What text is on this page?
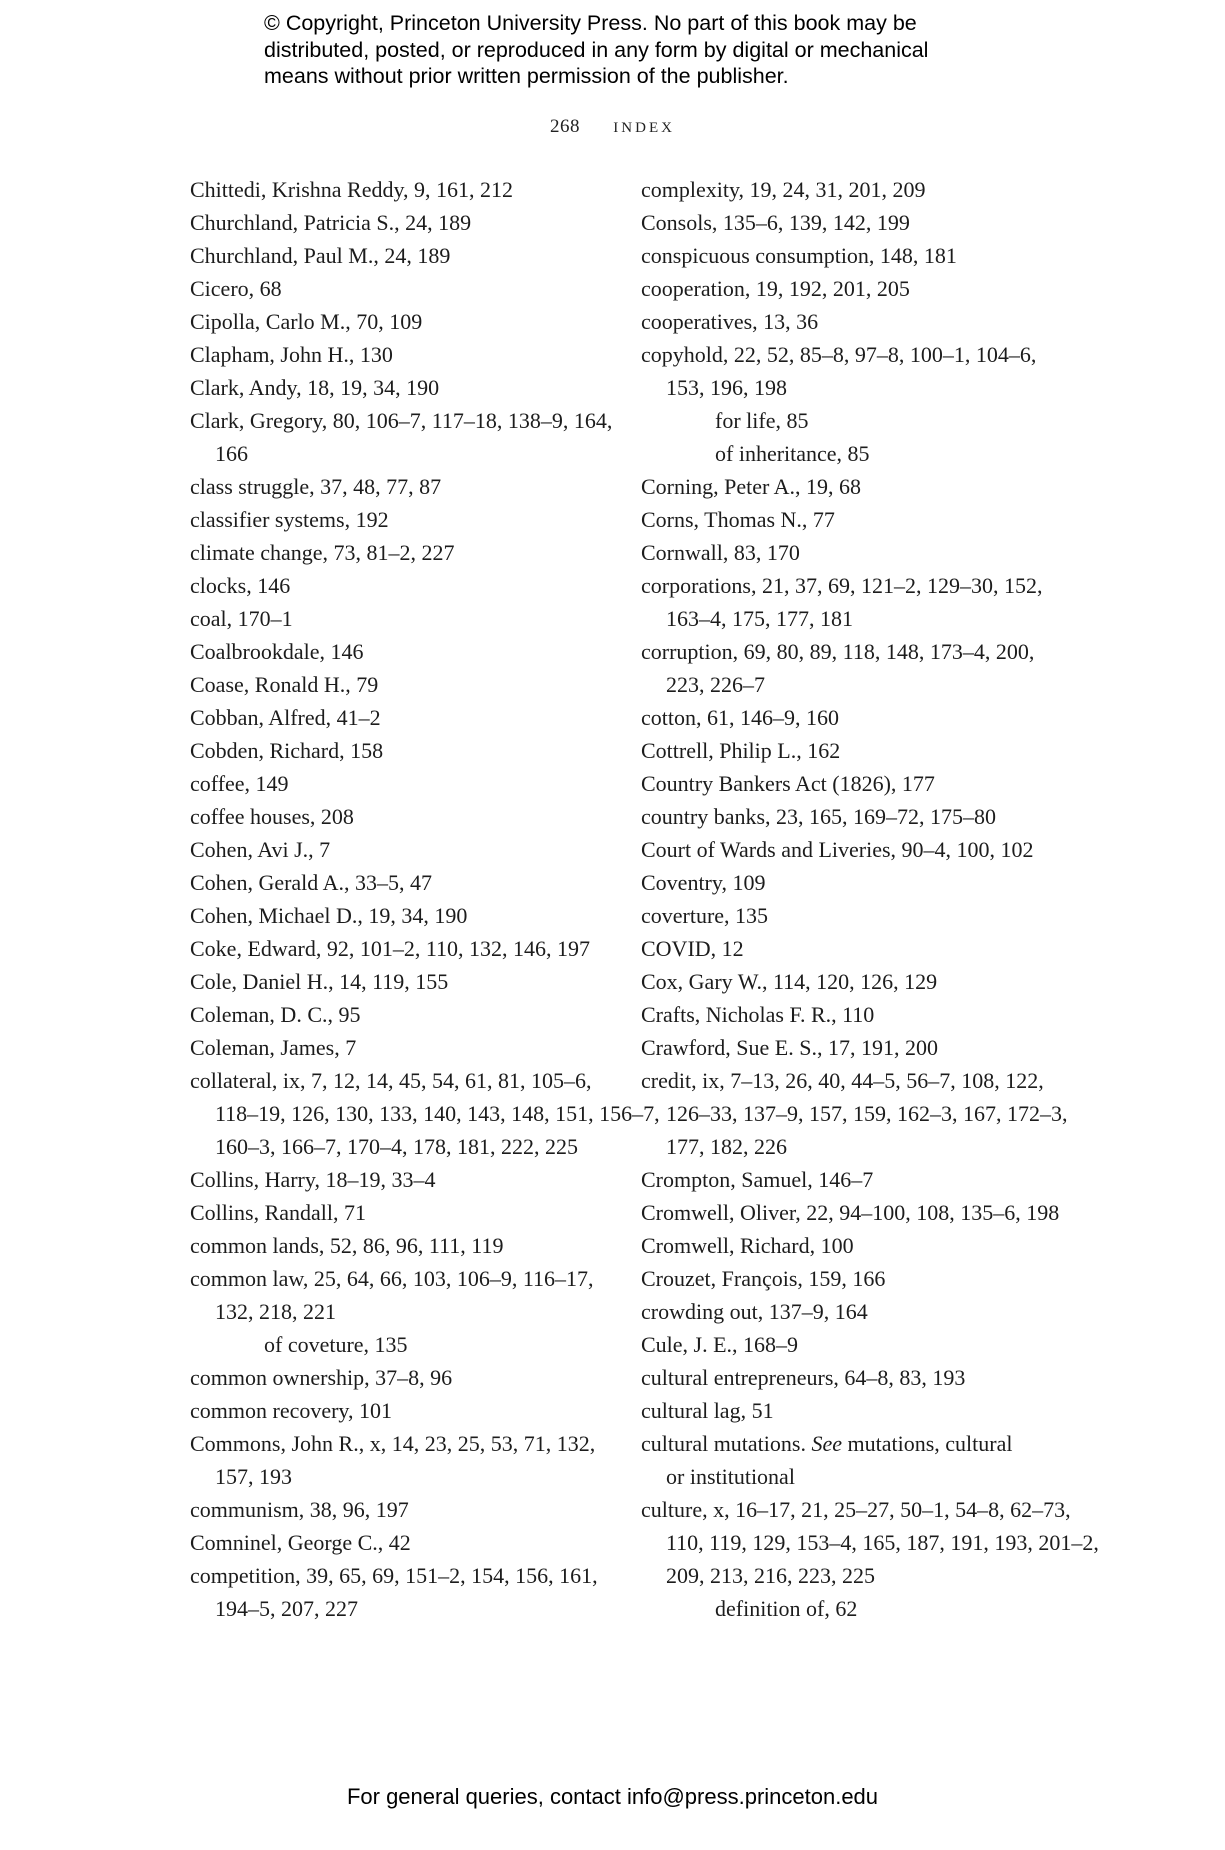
© Copyright, Princeton University Press. No part of this book may be
distributed, posted, or reproduced in any form by digital or mechanical
means without prior written permission of the publisher.
268 index
Chittedi, Krishna Reddy, 9, 161, 212
Churchland, Patricia S., 24, 189
Churchland, Paul M., 24, 189
Cicero, 68
Cipolla, Carlo M., 70, 109
Clapham, John H., 130
Clark, Andy, 18, 19, 34, 190
Clark, Gregory, 80, 106–7, 117–18, 138–9, 164,
166
class struggle, 37, 48, 77, 87
classifier systems, 192
climate change, 73, 81–2, 227
clocks, 146
coal, 170–1
Coalbrookdale, 146
Coase, Ronald H., 79
Cobban, Alfred, 41–2
Cobden, Richard, 158
coffee, 149
coffee houses, 208
Cohen, Avi J., 7
Cohen, Gerald A., 33–5, 47
Cohen, Michael D., 19, 34, 190
Coke, Edward, 92, 101–2, 110, 132, 146, 197
Cole, Daniel H., 14, 119, 155
Coleman, D. C., 95
Coleman, James, 7
collateral, ix, 7, 12, 14, 45, 54, 61, 81, 105–6,
118–19, 126, 130, 133, 140, 143, 148, 151, 156–7,
160–3, 166–7, 170–4, 178, 181, 222, 225
Collins, Harry, 18–19, 33–4
Collins, Randall, 71
common lands, 52, 86, 96, 111, 119
common law, 25, 64, 66, 103, 106–9, 116–17,
132, 218, 221
of coveture, 135
common ownership, 37–8, 96
common recovery, 101
Commons, John R., x, 14, 23, 25, 53, 71, 132,
157, 193
communism, 38, 96, 197
Comninel, George C., 42
competition, 39, 65, 69, 151–2, 154, 156, 161,
194–5, 207, 227
complexity, 19, 24, 31, 201, 209
Consols, 135–6, 139, 142, 199
conspicuous consumption, 148, 181
cooperation, 19, 192, 201, 205
cooperatives, 13, 36
copyhold, 22, 52, 85–8, 97–8, 100–1, 104–6,
153, 196, 198
for life, 85
of inheritance, 85
Corning, Peter A., 19, 68
Corns, Thomas N., 77
Cornwall, 83, 170
corporations, 21, 37, 69, 121–2, 129–30, 152,
163–4, 175, 177, 181
corruption, 69, 80, 89, 118, 148, 173–4, 200,
223, 226–7
cotton, 61, 146–9, 160
Cottrell, Philip L., 162
Country Bankers Act (1826), 177
country banks, 23, 165, 169–72, 175–80
Court of Wards and Liveries, 90–4, 100, 102
Coventry, 109
coverture, 135
COVID, 12
Cox, Gary W., 114, 120, 126, 129
Crafts, Nicholas F. R., 110
Crawford, Sue E. S., 17, 191, 200
credit, ix, 7–13, 26, 40, 44–5, 56–7, 108, 122,
126–33, 137–9, 157, 159, 162–3, 167, 172–3,
177, 182, 226
Crompton, Samuel, 146–7
Cromwell, Oliver, 22, 94–100, 108, 135–6, 198
Cromwell, Richard, 100
Crouzet, François, 159, 166
crowding out, 137–9, 164
Cule, J. E., 168–9
cultural entrepreneurs, 64–8, 83, 193
cultural lag, 51
cultural mutations. See mutations, cultural
or institutional
culture, x, 16–17, 21, 25–27, 50–1, 54–8, 62–73,
110, 119, 129, 153–4, 165, 187, 191, 193, 201–2,
209, 213, 216, 223, 225
definition of, 62
For general queries, contact info@press.princeton.edu
